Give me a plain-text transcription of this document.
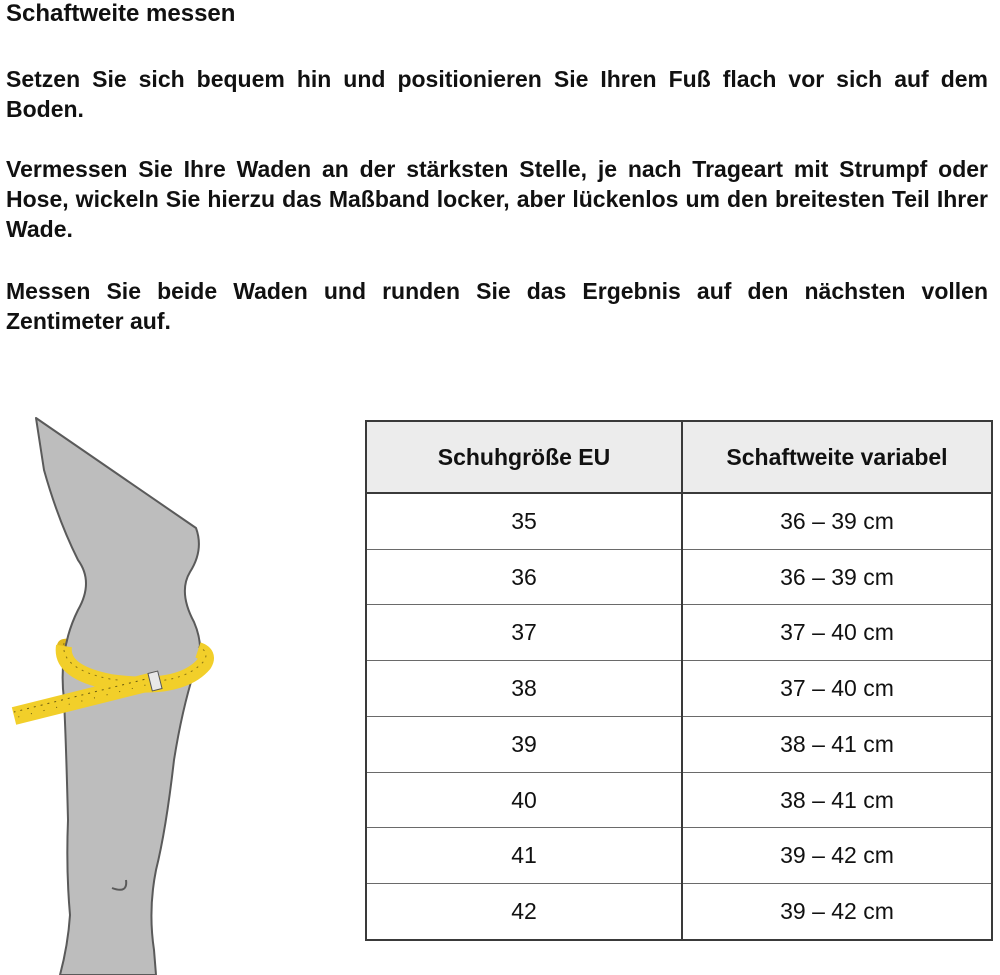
Schaftweite messen

Setzen Sie sich bequem hin und positionieren Sie Ihren Fuß flach vor sich auf dem Boden.

Vermessen Sie Ihre Waden an der stärksten Stelle, je nach Trageart mit Strumpf oder Hose, wickeln Sie hierzu das Maßband locker, aber lückenlos um den breitesten Teil Ihrer Wade.

Messen Sie beide Waden und runden Sie das Ergebnis auf den nächsten vollen Zentimeter auf.

Schuhgröße EU	Schaftweite variabel
35	36 – 39 cm
36	36 – 39 cm
37	37 – 40 cm
38	37 – 40 cm
39	38 – 41 cm
40	38 – 41 cm
41	39 – 42 cm
42	39 – 42 cm
